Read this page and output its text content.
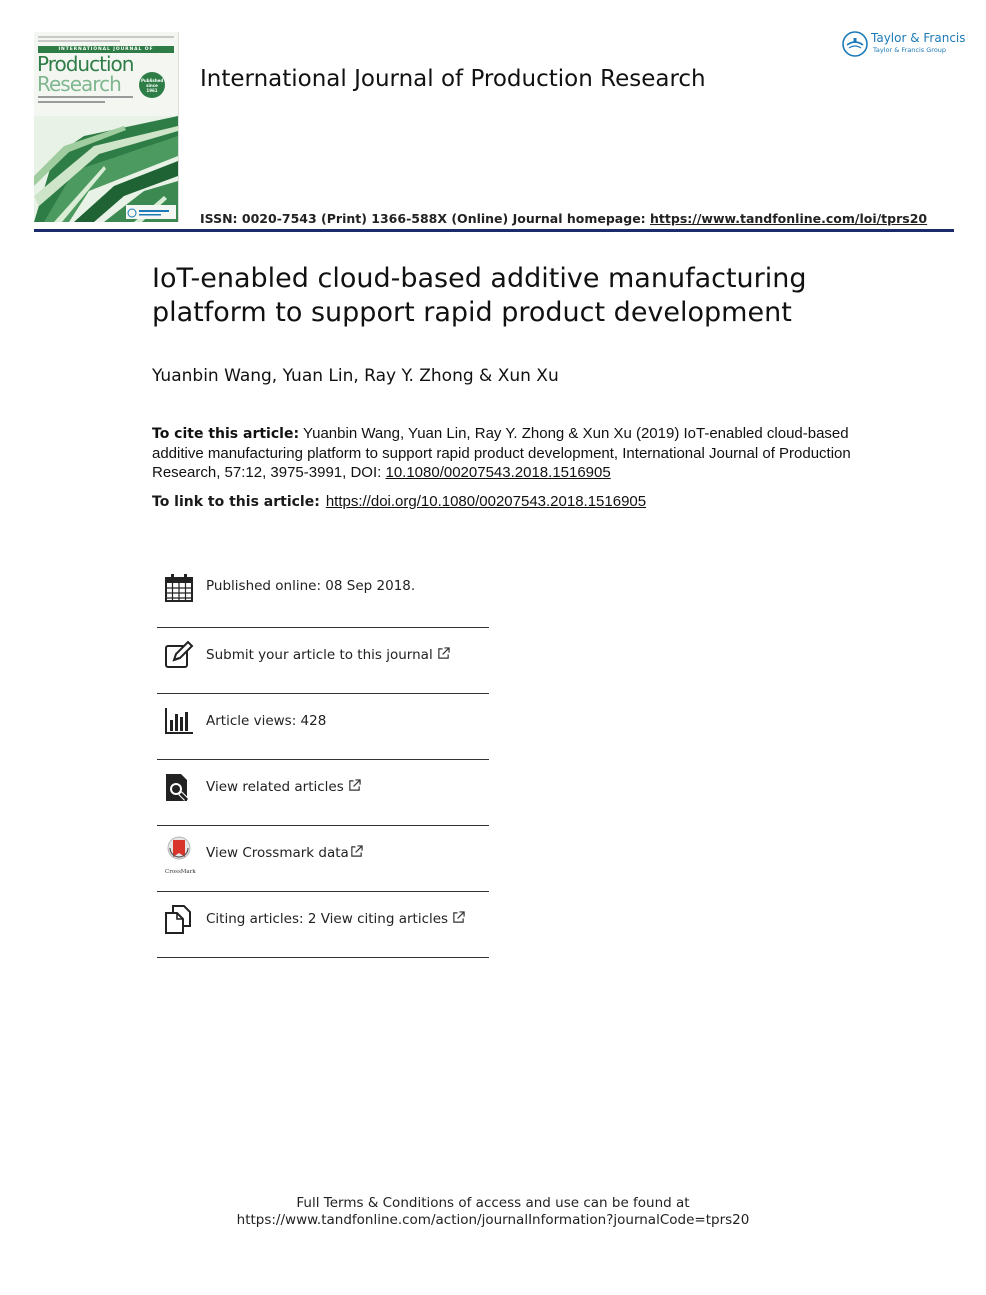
INTERNATIONAL JOURNAL OF
Production
Research	Published since 1961	International Journal of Production Research
Taylor & Francis
Taylor & Francis Group
ISSN: 0020-7543 (Print) 1366-588X (Online) Journal homepage: https://www.tandfonline.com/loi/tprs20
IoT-enabled cloud-based additive manufacturing platform to support rapid product development
Yuanbin Wang, Yuan Lin, Ray Y. Zhong & Xun Xu
To cite this article: Yuanbin Wang, Yuan Lin, Ray Y. Zhong & Xun Xu (2019) IoT-enabled cloud-based additive manufacturing platform to support rapid product development, International Journal of Production Research, 57:12, 3975-3991, DOI: 10.1080/00207543.2018.1516905
To link to this article: https://doi.org/10.1080/00207543.2018.1516905
Published online: 08 Sep 2018.
Submit your article to this journal
Article views: 428
View related articles
CrossMark
View Crossmark data
Citing articles: 2 View citing articles
Full Terms & Conditions of access and use can be found at
https://www.tandfonline.com/action/journalInformation?journalCode=tprs20
